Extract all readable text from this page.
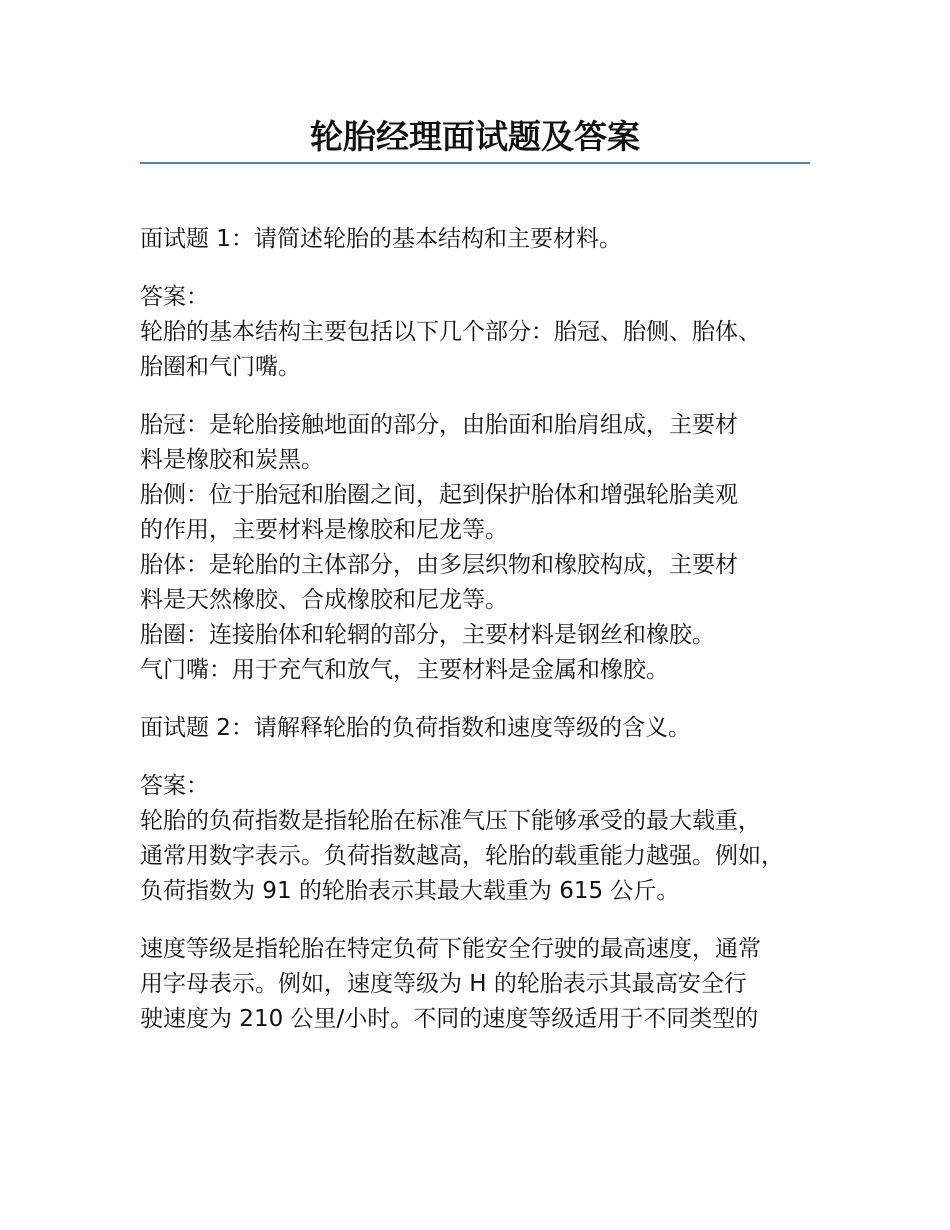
轮胎经理面试题及答案

面试题 1：请简述轮胎的基本结构和主要材料。

答案：

轮胎的基本结构主要包括以下几个部分：胎冠、胎侧、胎体、

胎圈和气门嘴。

胎冠：是轮胎接触地面的部分，由胎面和胎肩组成，主要材

料是橡胶和炭黑。

胎侧：位于胎冠和胎圈之间，起到保护胎体和增强轮胎美观

的作用，主要材料是橡胶和尼龙等。

胎体：是轮胎的主体部分，由多层织物和橡胶构成，主要材

料是天然橡胶、合成橡胶和尼龙等。

胎圈：连接胎体和轮辋的部分，主要材料是钢丝和橡胶。

气门嘴：用于充气和放气，主要材料是金属和橡胶。

面试题 2：请解释轮胎的负荷指数和速度等级的含义。

答案：

轮胎的负荷指数是指轮胎在标准气压下能够承受的最大载重，

通常用数字表示。负荷指数越高，轮胎的载重能力越强。例如，

负荷指数为 91 的轮胎表示其最大载重为 615 公斤。

速度等级是指轮胎在特定负荷下能安全行驶的最高速度，通常

用字母表示。例如，速度等级为 H 的轮胎表示其最高安全行

驶速度为 210 公里/小时。不同的速度等级适用于不同类型的
